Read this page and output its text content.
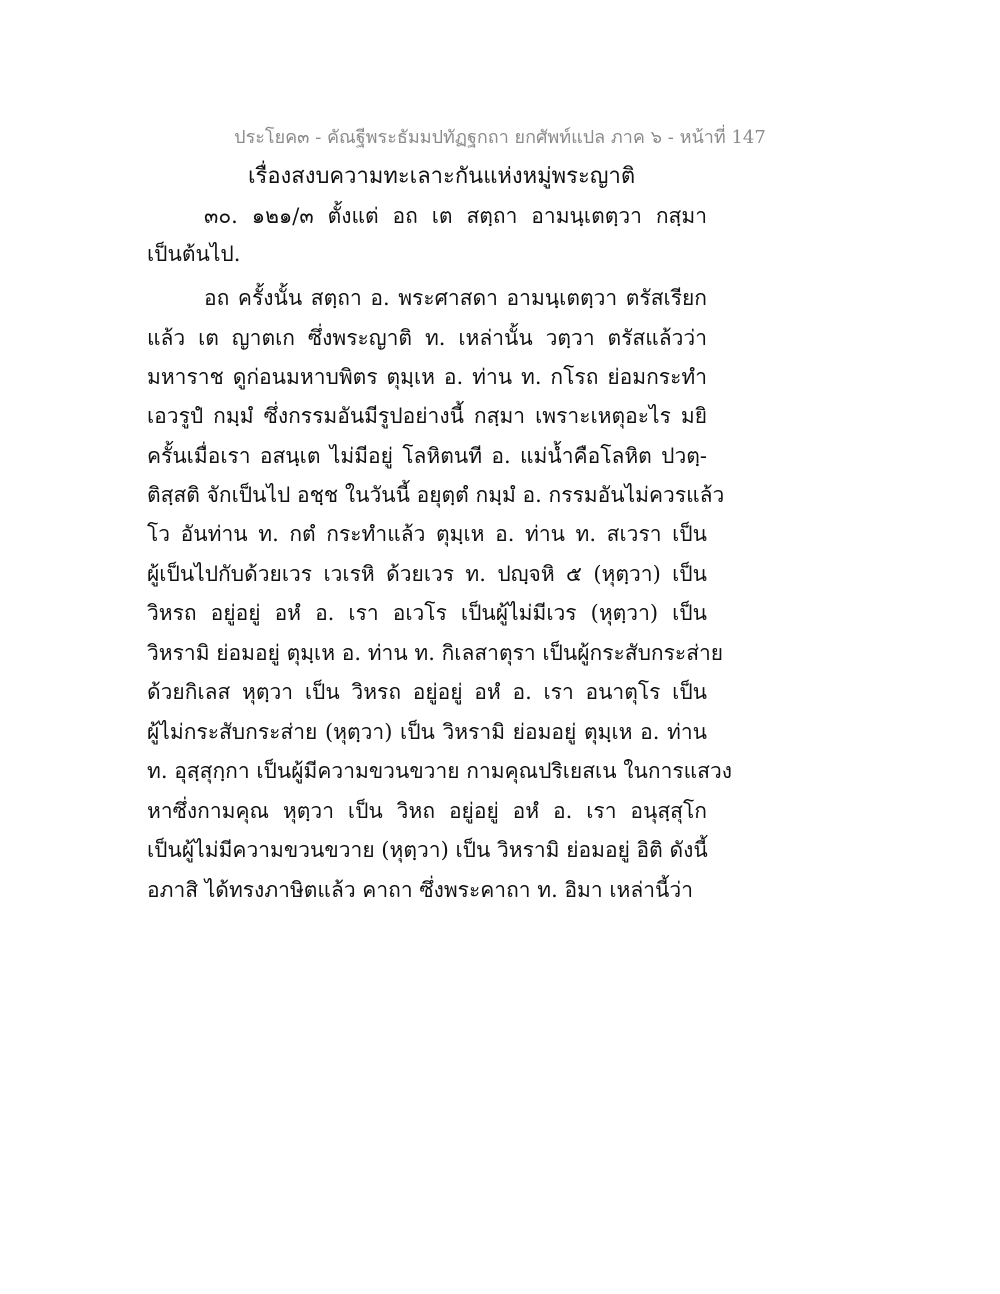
ประโยค๓ - คัณฐีพระธัมมปทัฏฐกถา ยกศัพท์แปล ภาค ๖ - หน้าที่ 147
เรื่องสงบความทะเลาะกันแห่งหมู่พระญาติ
๓๐. ๑๒๑/๓ ตั้งแต่ อถ เต สตฺถา อามนฺเตตฺวา กสฺมา
เป็นต้นไป.
อถ ครั้งนั้น สตฺถา อ. พระศาสดา อามนฺเตตฺวา ตรัสเรียก
แล้ว เต ญาตเก ซึ่งพระญาติ ท. เหล่านั้น วตฺวา ตรัสแล้วว่า
มหาราช ดูก่อนมหาบพิตร ตุมฺเห อ. ท่าน ท. กโรถ ย่อมกระทำ
เอวรูปํ กมฺมํ ซึ่งกรรมอันมีรูปอย่างนี้ กสฺมา เพราะเหตุอะไร มยิ
ครั้นเมื่อเรา อสนฺเต ไม่มีอยู่ โลหิตนที อ. แม่น้ำคือโลหิต ปวตฺ-
ติสฺสติ จักเป็นไป อชฺช ในวันนี้ อยุตฺตํ กมฺมํ อ. กรรมอันไม่ควรแล้ว
โว อันท่าน ท. กตํ กระทำแล้ว ตุมฺเห อ. ท่าน ท. สเวรา เป็น
ผู้เป็นไปกับด้วยเวร เวเรหิ ด้วยเวร ท. ปญฺจหิ ๕ (หุตฺวา) เป็น
วิหรถ อยู่อยู่ อหํ อ. เรา อเวโร เป็นผู้ไม่มีเวร (หุตฺวา) เป็น
วิหรามิ ย่อมอยู่ ตุมฺเห อ. ท่าน ท. กิเลสาตุรา เป็นผู้กระสับกระส่าย
ด้วยกิเลส หุตฺวา เป็น วิหรถ อยู่อยู่ อหํ อ. เรา อนาตุโร เป็น
ผู้ไม่กระสับกระส่าย (หุตฺวา) เป็น วิหรามิ ย่อมอยู่ ตุมฺเห อ. ท่าน
ท. อุสฺสุกฺกา เป็นผู้มีความขวนขวาย กามคุณปริเยสเน ในการแสวง
หาซึ่งกามคุณ หุตฺวา เป็น วิหถ อยู่อยู่ อหํ อ. เรา อนุสฺสุโก
เป็นผู้ไม่มีความขวนขวาย (หุตฺวา) เป็น วิหรามิ ย่อมอยู่ อิติ ดังนี้
อภาสิ ได้ทรงภาษิตแล้ว คาถา ซึ่งพระคาถา ท. อิมา เหล่านี้ว่า
